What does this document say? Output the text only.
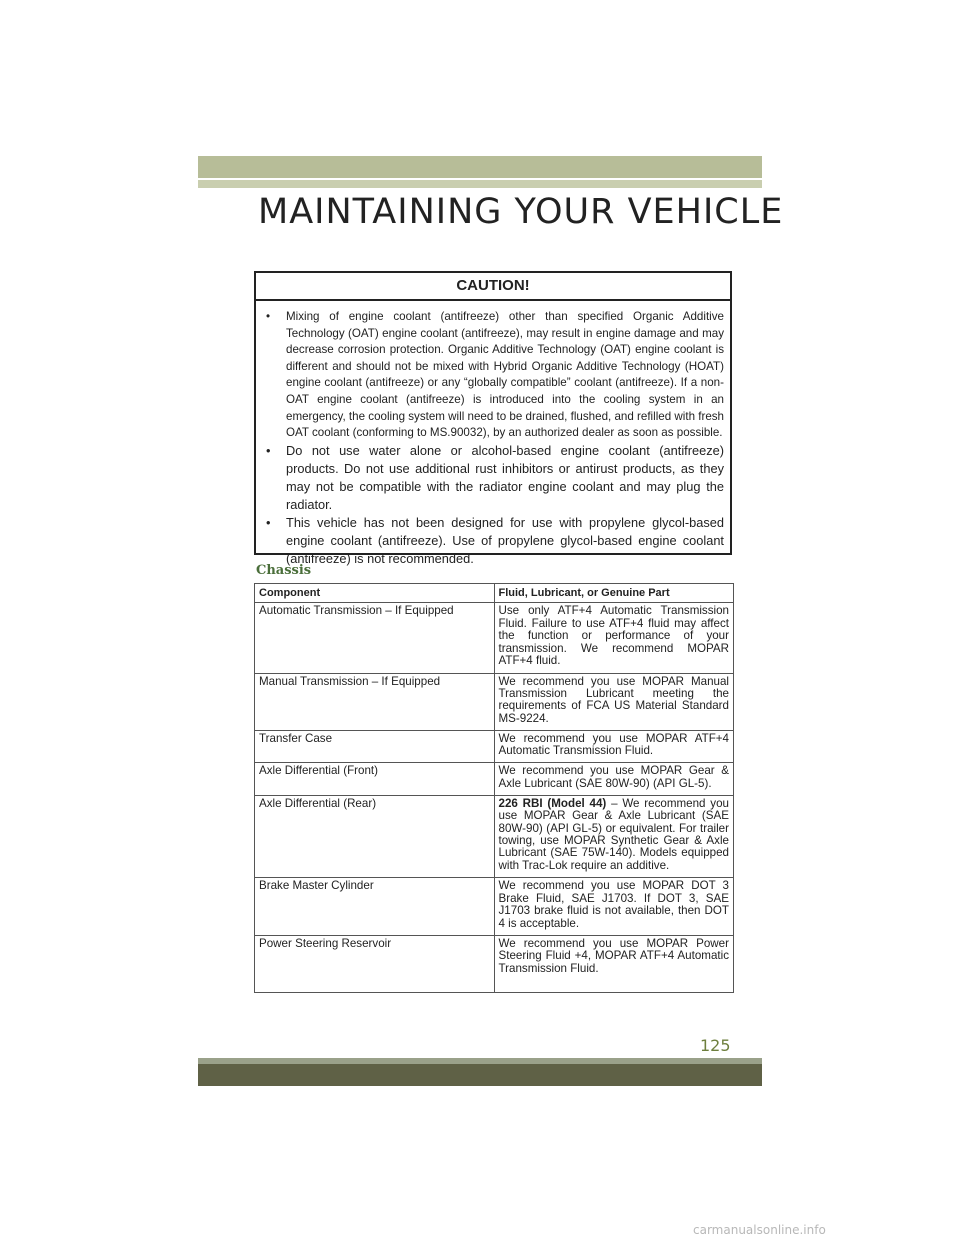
MAINTAINING YOUR VEHICLE
CAUTION!
• Mixing of engine coolant (antifreeze) other than specified Organic Additive Technology (OAT) engine coolant (antifreeze), may result in engine damage and may decrease corrosion protection. Organic Additive Technology (OAT) engine coolant is different and should not be mixed with Hybrid Organic Additive Technology (HOAT) engine coolant (antifreeze) or any “globally compatible” coolant (antifreeze). If a non-OAT engine coolant (antifreeze) is introduced into the cooling system in an emergency, the cooling system will need to be drained, flushed, and refilled with fresh OAT coolant (conforming to MS.90032), by an authorized dealer as soon as possible.
• Do not use water alone or alcohol-based engine coolant (antifreeze) products. Do not use additional rust inhibitors or antirust products, as they may not be compatible with the radiator engine coolant and may plug the radiator.
• This vehicle has not been designed for use with propylene glycol-based engine coolant (antifreeze). Use of propylene glycol-based engine coolant (antifreeze) is not recommended.
Chassis
Component	Fluid, Lubricant, or Genuine Part
Automatic Transmission – If Equipped	Use only ATF+4 Automatic Transmission Fluid. Failure to use ATF+4 fluid may affect the function or performance of your transmission. We recommend MOPAR ATF+4 fluid.
Manual Transmission – If Equipped	We recommend you use MOPAR Manual Transmission Lubricant meeting the requirements of FCA US Material Standard MS-9224.
Transfer Case	We recommend you use MOPAR ATF+4 Automatic Transmission Fluid.
Axle Differential (Front)	We recommend you use MOPAR Gear & Axle Lubricant (SAE 80W-90) (API GL-5).
Axle Differential (Rear)	226 RBI (Model 44) – We recommend you use MOPAR Gear & Axle Lubricant (SAE 80W-90) (API GL-5) or equivalent. For trailer towing, use MOPAR Synthetic Gear & Axle Lubricant (SAE 75W-140). Models equipped with Trac-Lok require an additive.
Brake Master Cylinder	We recommend you use MOPAR DOT 3 Brake Fluid, SAE J1703. If DOT 3, SAE J1703 brake fluid is not available, then DOT 4 is acceptable.
Power Steering Reservoir	We recommend you use MOPAR Power Steering Fluid +4, MOPAR ATF+4 Automatic Transmission Fluid.
125
carmanualsonline.info
